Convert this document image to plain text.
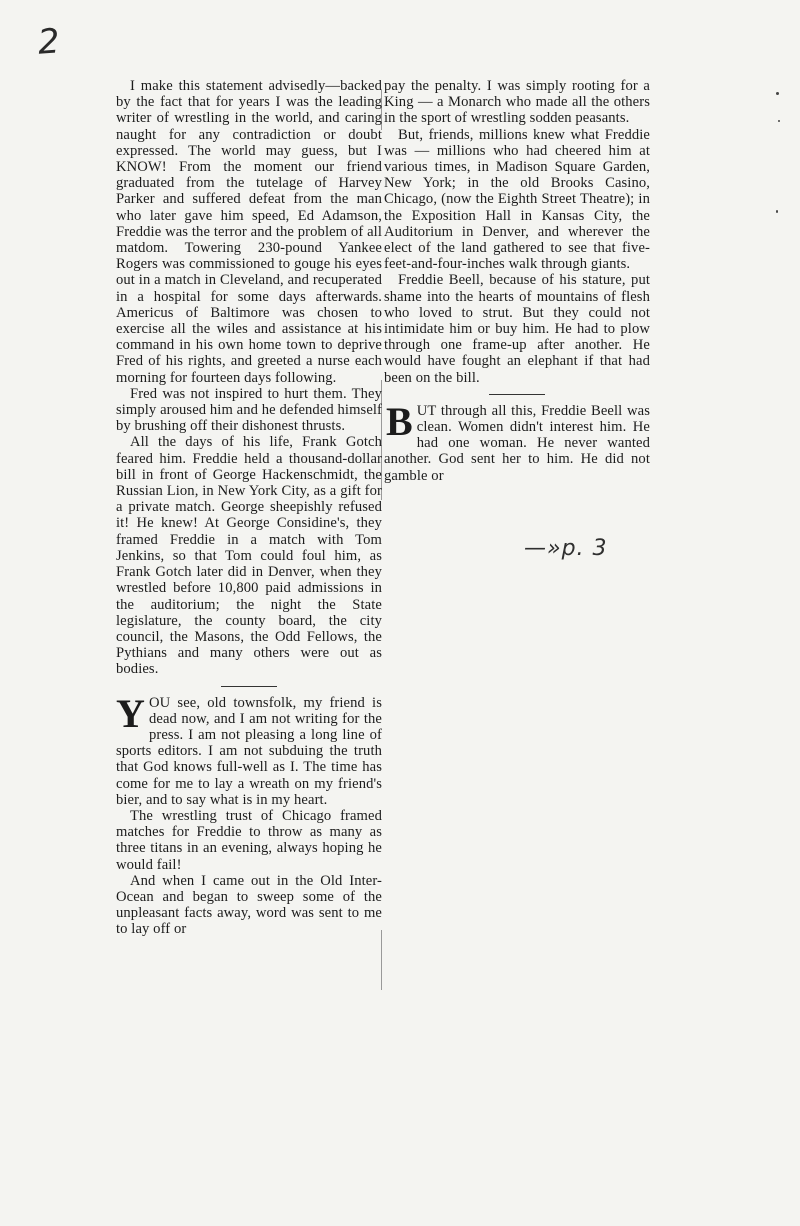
2

I make this statement advisedly—backed by the fact that for years I was the leading writer of wrestling in the world, and caring naught for any contradiction or doubt expressed. The world may guess, but I KNOW! From the moment our friend graduated from the tutelage of Harvey Parker and suffered defeat from the man who later gave him speed, Ed Adamson, Freddie was the terror and the problem of all matdom. Towering 230-pound Yankee Rogers was commissioned to gouge his eyes out in a match in Cleveland, and recuperated in a hospital for some days afterwards. Americus of Baltimore was chosen to exercise all the wiles and assistance at his command in his own home town to deprive Fred of his rights, and greeted a nurse each morning for fourteen days following.

Fred was not inspired to hurt them. They simply aroused him and he defended himself by brushing off their dishonest thrusts.

All the days of his life, Frank Gotch feared him. Freddie held a thousand-dollar bill in front of George Hackenschmidt, the Russian Lion, in New York City, as a gift for a private match. George sheepishly refused it! He knew! At George Considine's, they framed Freddie in a match with Tom Jenkins, so that Tom could foul him, as Frank Gotch later did in Denver, when they wrestled before 10,800 paid admissions in the auditorium; the night the State legislature, the county board, the city council, the Masons, the Odd Fellows, the Pythians and many others were out as bodies.

YOU see, old townsfolk, my friend is dead now, and I am not writing for the press. I am not pleasing a long line of sports editors. I am not subduing the truth that God knows full-well as I. The time has come for me to lay a wreath on my friend's bier, and to say what is in my heart.

The wrestling trust of Chicago framed matches for Freddie to throw as many as three titans in an evening, always hoping he would fail!

And when I came out in the Old Inter-Ocean and began to sweep some of the unpleasant facts away, word was sent to me to lay off or

pay the penalty. I was simply rooting for a King — a Monarch who made all the others in the sport of wrestling sodden peasants.

But, friends, millions knew what Freddie was — millions who had cheered him at various times, in Madison Square Garden, New York; in the old Brooks Casino, Chicago, (now the Eighth Street Theatre); in the Exposition Hall in Kansas City, the Auditorium in Denver, and wherever the elect of the land gathered to see that five-feet-and-four-inches walk through giants.

Freddie Beell, because of his stature, put shame into the hearts of mountains of flesh who loved to strut. But they could not intimidate him or buy him. He had to plow through one frame-up after another. He would have fought an elephant if that had been on the bill.

BUT through all this, Freddie Beell was clean. Women didn't interest him. He had one woman. He never wanted another. God sent her to him. He did not gamble or

—»p. 3
